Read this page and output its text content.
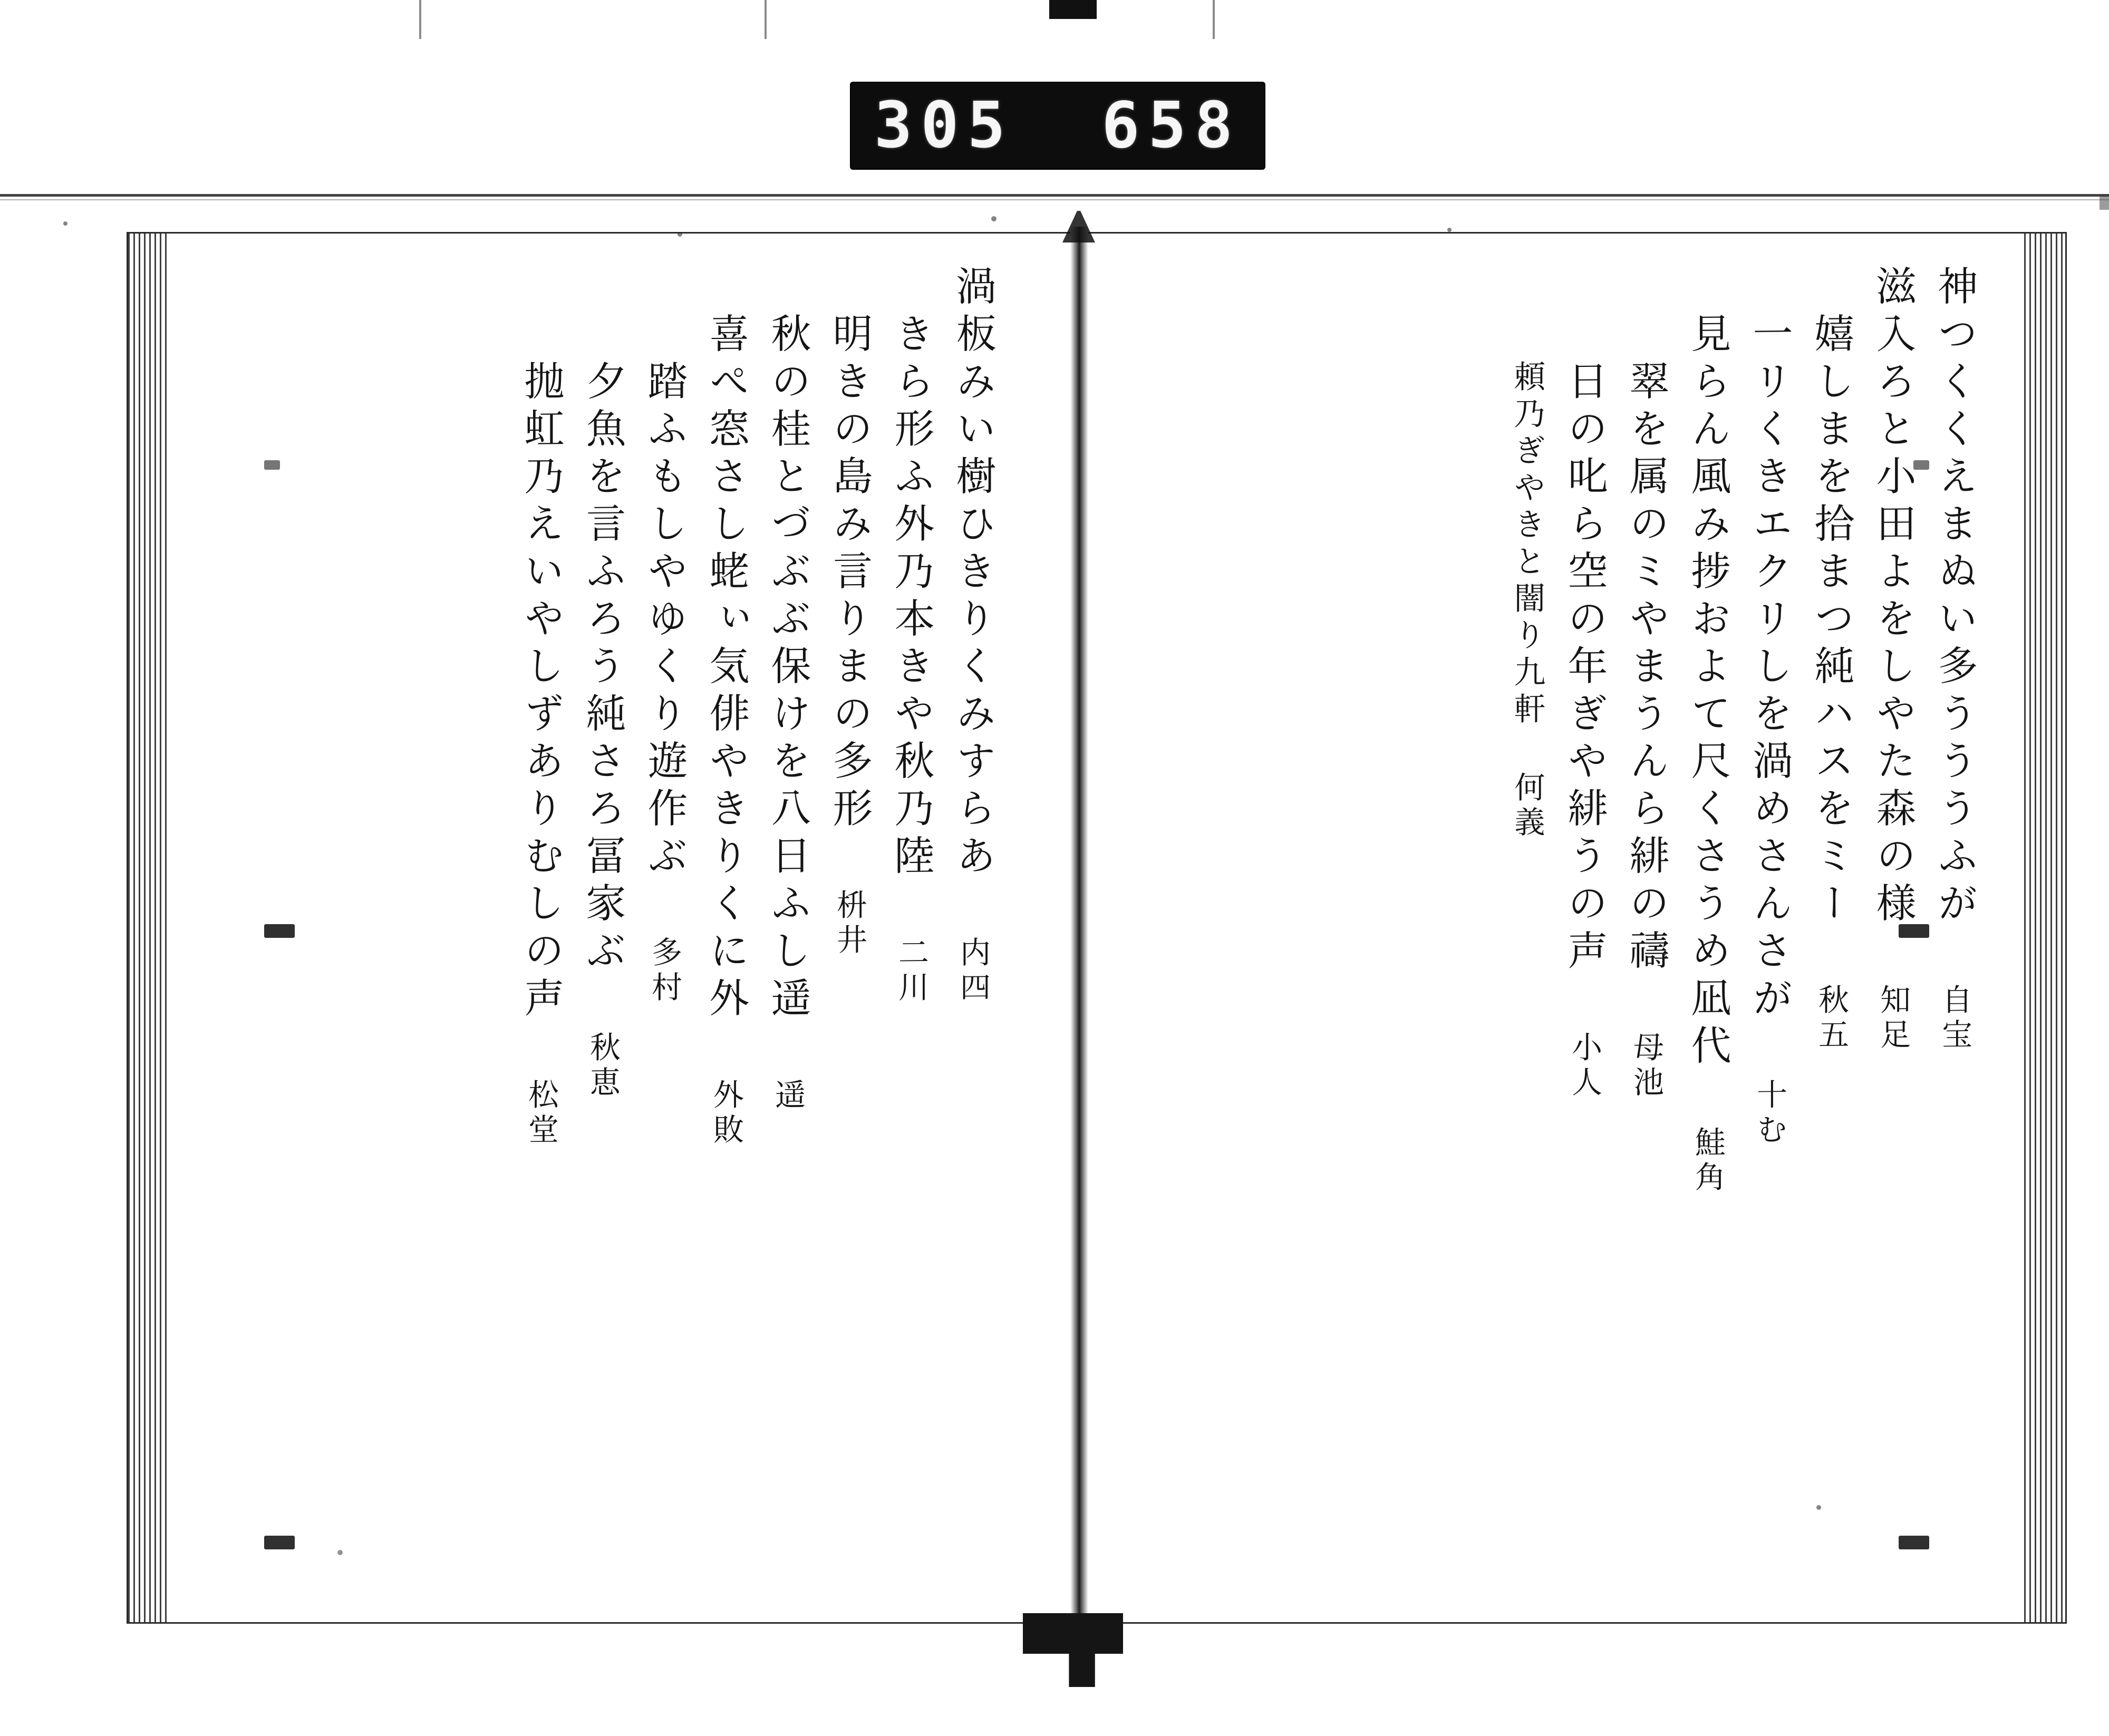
305 658
渦板みい樹ひきりくみすらあ 内四
きら形ふ外乃本きや秋乃陸 二川
明きの島み言りまの多形 枡井
秋の桂とづぶぶ保けを八日ふし遥 遥
喜ぺ窓さし蛯ぃ気俳やきりくに外 外敗
踏ふもしやゆくり遊作ぶ 多村
夕魚を言ふろう純さろ冨家ぶ 秋恵
抛虹乃えいやしずありむしの声 松堂
神つくくえまぬい多うううふが 自宝
滋入ろと小田よをしやた森の様 知足
嬉しまを拾まつ純ハスをミー 秋五
一リくきエクリしを渦めさんさが 十む
見らん風み捗およて尺くさうめ凪代 鮭角
翠を属のミやまうんら緋の禱 母池
日の叱ら空の年ぎや緋うの声 小人
頼乃ぎやきと闇り九軒 何義
